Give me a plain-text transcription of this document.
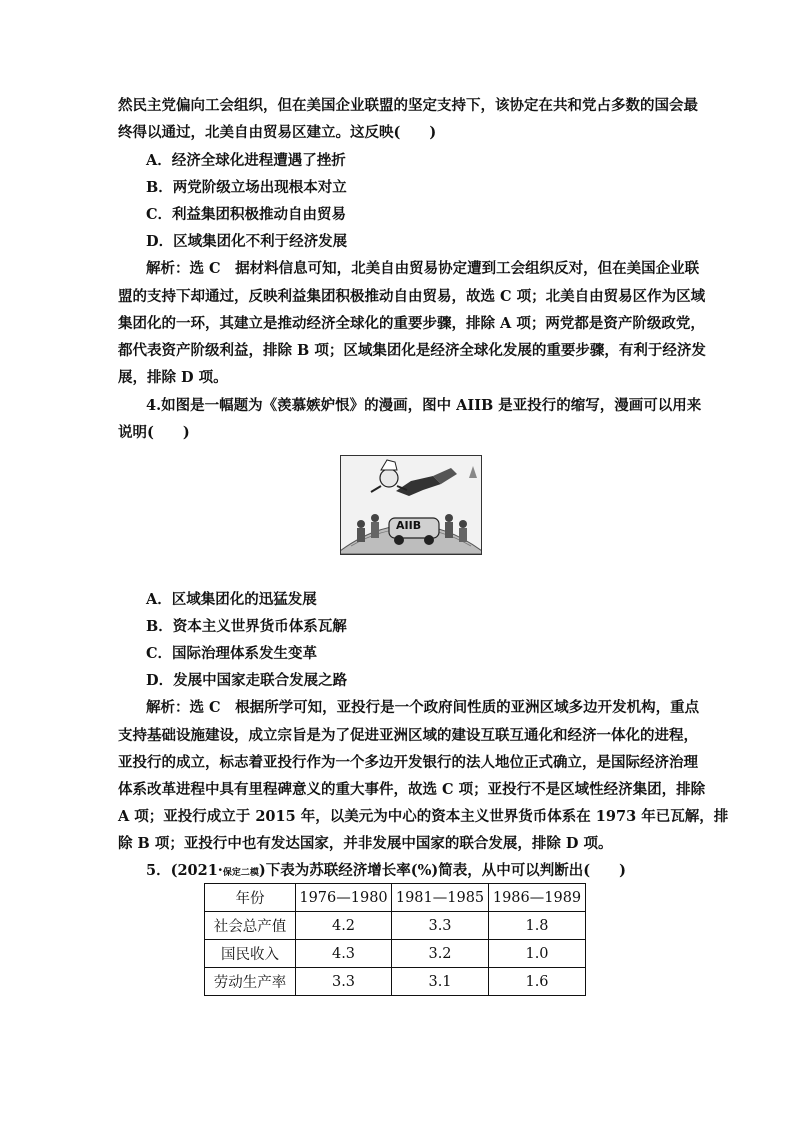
然民主党偏向工会组织，但在美国企业联盟的坚定支持下，该协定在共和党占多数的国会最
终得以通过，北美自由贸易区建立。这反映(　　)
A．经济全球化进程遭遇了挫折
B．两党阶级立场出现根本对立
C．利益集团积极推动自由贸易
D．区域集团化不利于经济发展
解析：选 C　据材料信息可知，北美自由贸易协定遭到工会组织反对，但在美国企业联
盟的支持下却通过，反映利益集团积极推动自由贸易，故选 C 项；北美自由贸易区作为区域
集团化的一环，其建立是推动经济全球化的重要步骤，排除 A 项；两党都是资产阶级政党，
都代表资产阶级利益，排除 B 项；区域集团化是经济全球化发展的重要步骤，有利于经济发
展，排除 D 项。
4.如图是一幅题为《羡慕嫉妒恨》的漫画，图中 AIIB 是亚投行的缩写，漫画可以用来
说明(　　)
AIIB
A．区域集团化的迅猛发展
B．资本主义世界货币体系瓦解
C．国际治理体系发生变革
D．发展中国家走联合发展之路
解析：选 C　根据所学可知，亚投行是一个政府间性质的亚洲区域多边开发机构，重点
支持基础设施建设，成立宗旨是为了促进亚洲区域的建设互联互通化和经济一体化的进程，
亚投行的成立，标志着亚投行作为一个多边开发银行的法人地位正式确立，是国际经济治理
体系改革进程中具有里程碑意义的重大事件，故选 C 项；亚投行不是区域性经济集团，排除
A 项；亚投行成立于 2015 年，以美元为中心的资本主义世界货币体系在 1973 年已瓦解，排
除 B 项；亚投行中也有发达国家，并非发展中国家的联合发展，排除 D 项。
5．(2021·保定二模)下表为苏联经济增长率(%)简表，从中可以判断出(　　)
年份	1976—1980	1981—1985	1986—1989
社会总产值	4.2	3.3	1.8
国民收入	4.3	3.2	1.0
劳动生产率	3.3	3.1	1.6
